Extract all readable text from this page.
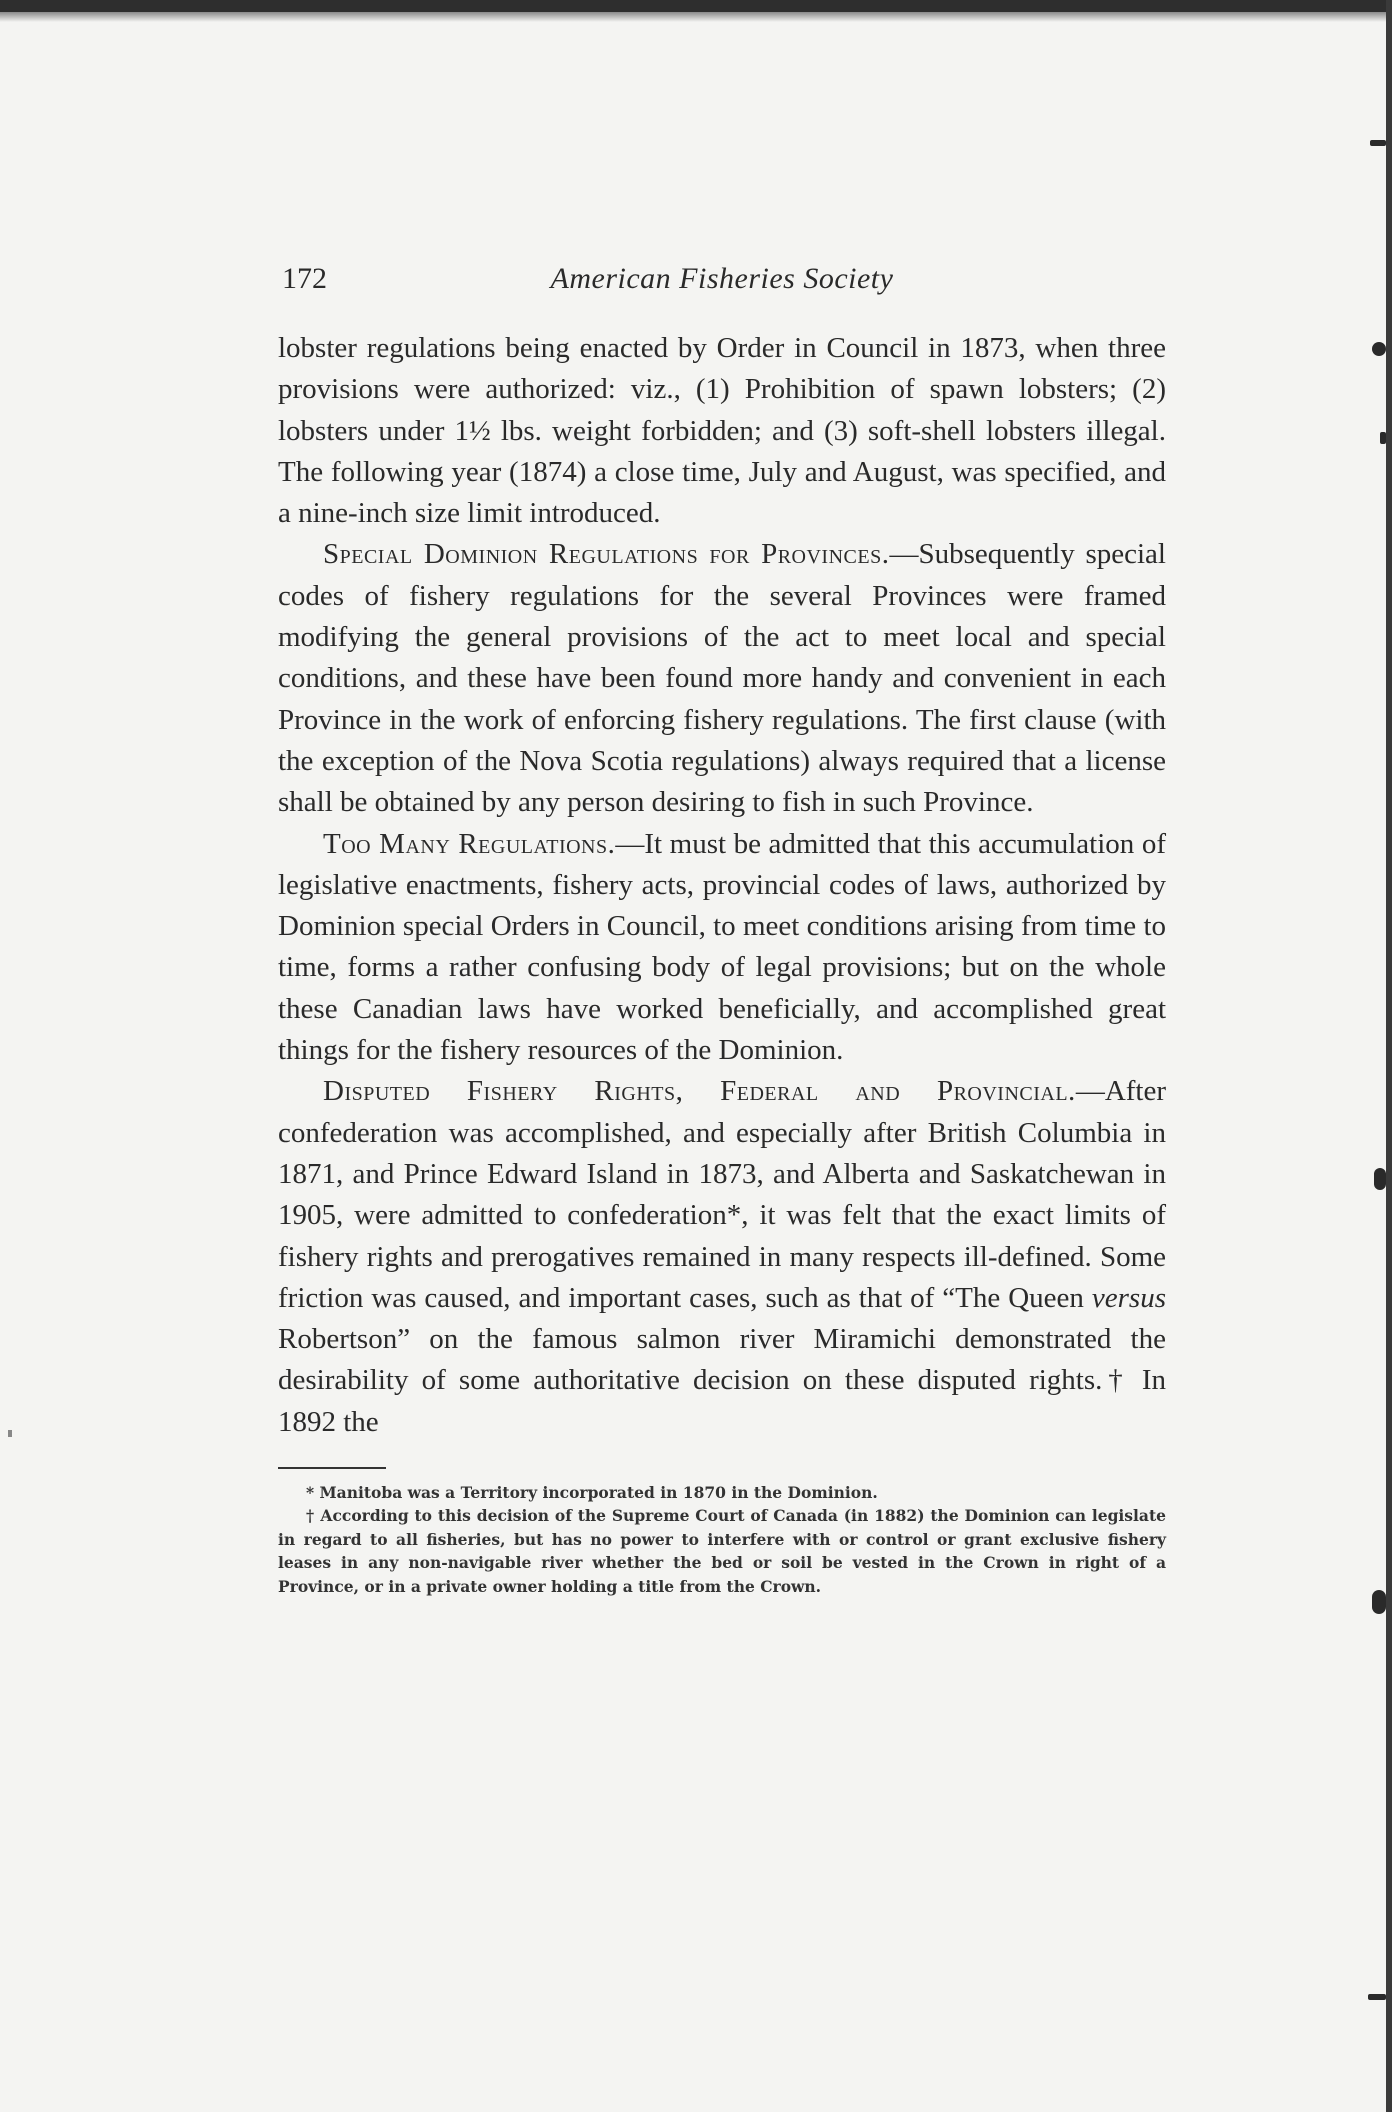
172	American Fisheries Society

lobster regulations being enacted by Order in Council in 1873, when three provisions were authorized: viz., (1) Prohibition of spawn lobsters; (2) lobsters under 1½ lbs. weight forbidden; and (3) soft-shell lobsters illegal. The following year (1874) a close time, July and August, was specified, and a nine-inch size limit introduced.

Special Dominion Regulations for Provinces.—Subsequently special codes of fishery regulations for the several Provinces were framed modifying the general provisions of the act to meet local and special conditions, and these have been found more handy and convenient in each Province in the work of enforcing fishery regulations. The first clause (with the exception of the Nova Scotia regulations) always required that a license shall be obtained by any person desiring to fish in such Province.

Too Many Regulations.—It must be admitted that this accumulation of legislative enactments, fishery acts, provincial codes of laws, authorized by Dominion special Orders in Council, to meet conditions arising from time to time, forms a rather confusing body of legal provisions; but on the whole these Canadian laws have worked beneficially, and accomplished great things for the fishery resources of the Dominion.

Disputed Fishery Rights, Federal and Provincial.—After confederation was accomplished, and especially after British Columbia in 1871, and Prince Edward Island in 1873, and Alberta and Saskatchewan in 1905, were admitted to confederation*, it was felt that the exact limits of fishery rights and prerogatives remained in many respects ill-defined. Some friction was caused, and important cases, such as that of “The Queen versus Robertson” on the famous salmon river Miramichi demonstrated the desirability of some authoritative decision on these disputed rights.† In 1892 the

* Manitoba was a Territory incorporated in 1870 in the Dominion.

† According to this decision of the Supreme Court of Canada (in 1882) the Dominion can legislate in regard to all fisheries, but has no power to interfere with or control or grant exclusive fishery leases in any non-navigable river whether the bed or soil be vested in the Crown in right of a Province, or in a private owner holding a title from the Crown.
